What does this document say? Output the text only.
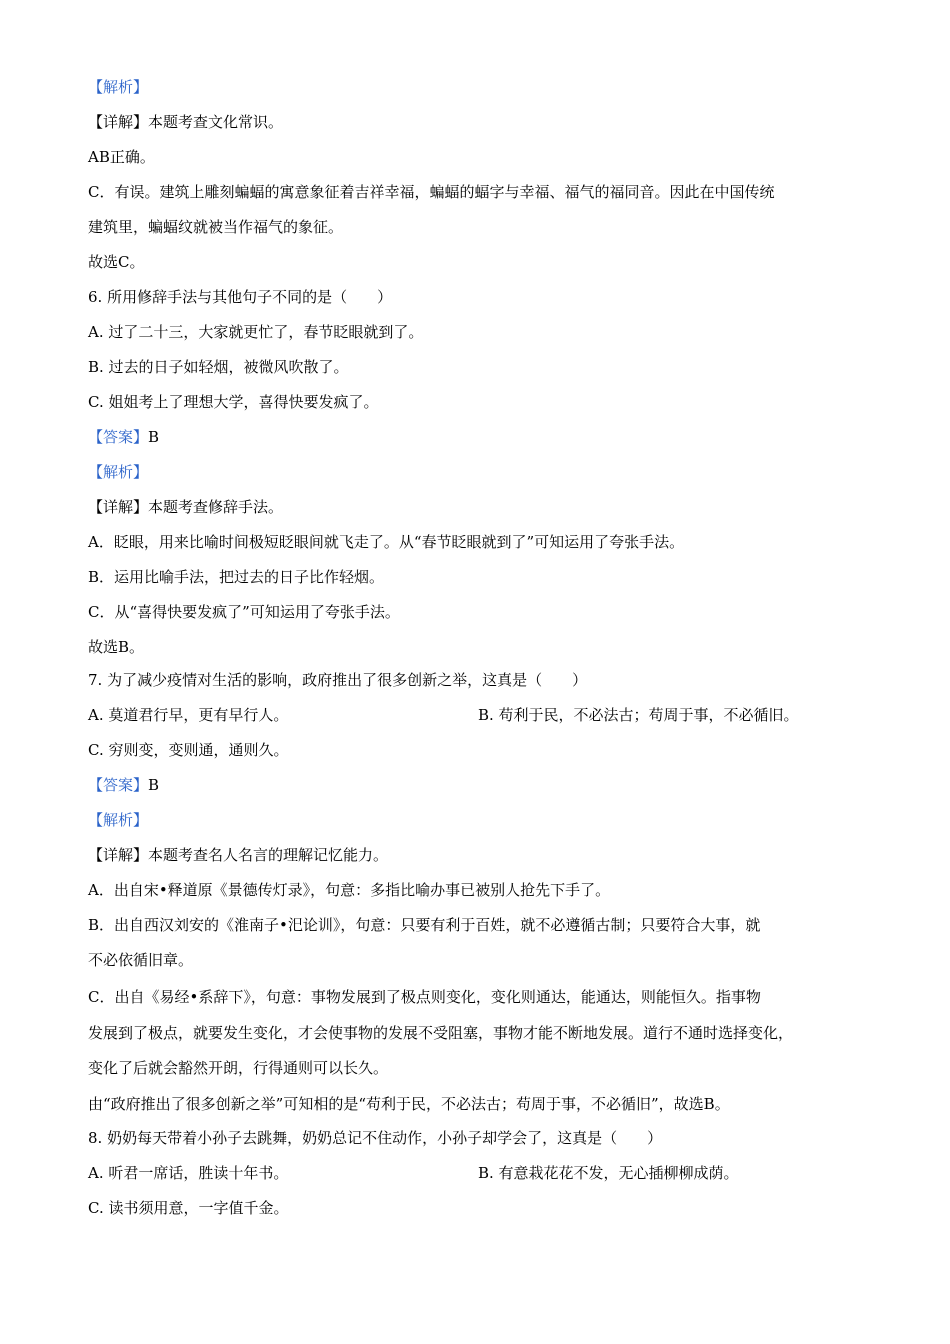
【解析】
【详解】本题考查文化常识。
AB正确。
C．有误。建筑上雕刻蝙蝠的寓意象征着吉祥幸福，蝙蝠的蝠字与幸福、福气的福同音。因此在中国传统
建筑里，蝙蝠纹就被当作福气的象征。
故选C。
6. 所用修辞手法与其他句子不同的是（　　）
A. 过了二十三，大家就更忙了，春节眨眼就到了。
B. 过去的日子如轻烟，被微风吹散了。
C. 姐姐考上了理想大学，喜得快要发疯了。
【答案】B
【解析】
【详解】本题考查修辞手法。
A．眨眼，用来比喻时间极短眨眼间就飞走了。从“春节眨眼就到了”可知运用了夸张手法。
B．运用比喻手法，把过去的日子比作轻烟。
C．从“喜得快要发疯了”可知运用了夸张手法。
故选B。
7. 为了减少疫情对生活的影响，政府推出了很多创新之举，这真是（　　）
A. 莫道君行早，更有早行人。	B. 苟利于民，不必法古；苟周于事，不必循旧。
C. 穷则变，变则通，通则久。
【答案】B
【解析】
【详解】本题考查名人名言的理解记忆能力。
A．出自宋•释道原《景德传灯录》，句意：多指比喻办事已被别人抢先下手了。
B．出自西汉刘安的《淮南子•汜论训》，句意：只要有利于百姓，就不必遵循古制；只要符合大事，就
不必依循旧章。
C．出自《易经•系辞下》，句意：事物发展到了极点则变化，变化则通达，能通达，则能恒久。指事物
发展到了极点，就要发生变化，才会使事物的发展不受阻塞，事物才能不断地发展。道行不通时选择变化，
变化了后就会豁然开朗，行得通则可以长久。
由“政府推出了很多创新之举”可知相的是“苟利于民，不必法古；苟周于事，不必循旧”，故选B。
8. 奶奶每天带着小孙子去跳舞，奶奶总记不住动作，小孙子却学会了，这真是（　　）
A. 听君一席话，胜读十年书。	B. 有意栽花花不发，无心插柳柳成荫。
C. 读书须用意，一字值千金。
